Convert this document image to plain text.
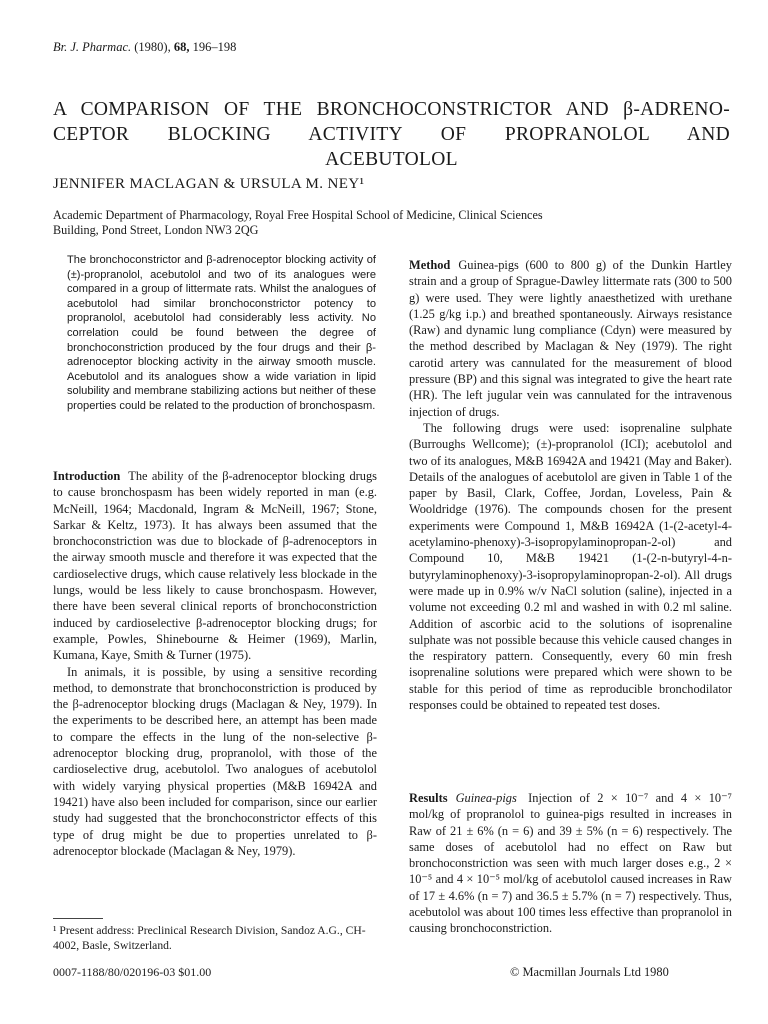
Br. J. Pharmac. (1980), 68, 196–198
A COMPARISON OF THE BRONCHOCONSTRICTOR AND β-ADRENO-
CEPTOR BLOCKING ACTIVITY OF PROPRANOLOL AND
ACEBUTOLOL
JENNIFER MACLAGAN & URSULA M. NEY¹
Academic Department of Pharmacology, Royal Free Hospital School of Medicine, Clinical Sciences
Building, Pond Street, London NW3 2QG
The bronchoconstrictor and β-adrenoceptor blocking activity of (±)-propranolol, acebutolol and two of its analogues were compared in a group of littermate rats. Whilst the analogues of acebutolol had similar bronchoconstrictor potency to propranolol, acebutolol had considerably less activity. No correlation could be found between the degree of bronchoconstriction produced by the four drugs and their β-adrenoceptor blocking activity in the airway smooth muscle. Acebutolol and its analogues show a wide variation in lipid solubility and membrane stabilizing actions but neither of these properties could be related to the production of bronchospasm.

Introduction The ability of the β-adrenoceptor blocking drugs to cause bronchospasm has been widely reported in man (e.g. McNeill, 1964; Macdonald, Ingram & McNeill, 1967; Stone, Sarkar & Keltz, 1973). It has always been assumed that the bronchoconstriction was due to blockade of β-adrenoceptors in the airway smooth muscle and therefore it was expected that the cardioselective drugs, which cause relatively less blockade in the lungs, would be less likely to cause bronchospasm. However, there have been several clinical reports of bronchoconstriction induced by cardioselective β-adrenoceptor blocking drugs; for example, Powles, Shinebourne & Heimer (1969), Marlin, Kumana, Kaye, Smith & Turner (1975).

In animals, it is possible, by using a sensitive recording method, to demonstrate that bronchoconstriction is produced by the β-adrenoceptor blocking drugs (Maclagan & Ney, 1979). In the experiments to be described here, an attempt has been made to compare the effects in the lung of the non-selective β-adrenoceptor blocking drug, propranolol, with those of the cardioselective drug, acebutolol. Two analogues of acebutolol with widely varying physical properties (M&B 16942A and 19421) have also been included for comparison, since our earlier study had suggested that the bronchoconstrictor effects of this type of drug might be due to properties unrelated to β-adrenoceptor blockade (Maclagan & Ney, 1979).

¹ Present address: Preclinical Research Division, Sandoz A.G., CH-4002, Basle, Switzerland.

Method Guinea-pigs (600 to 800 g) of the Dunkin Hartley strain and a group of Sprague-Dawley littermate rats (300 to 500 g) were used. They were lightly anaesthetized with urethane (1.25 g/kg i.p.) and breathed spontaneously. Airways resistance (Raw) and dynamic lung compliance (Cdyn) were measured by the method described by Maclagan & Ney (1979). The right carotid artery was cannulated for the measurement of blood pressure (BP) and this signal was integrated to give the heart rate (HR). The left jugular vein was cannulated for the intravenous injection of drugs.

The following drugs were used: isoprenaline sulphate (Burroughs Wellcome); (±)-propranolol (ICI); acebutolol and two of its analogues, M&B 16942A and 19421 (May and Baker). Details of the analogues of acebutolol are given in Table 1 of the paper by Basil, Clark, Coffee, Jordan, Loveless, Pain & Wooldridge (1976). The compounds chosen for the present experiments were Compound 1, M&B 16942A (1-(2-acetyl-4-acetylamino-phenoxy)-3-isopropylaminopropan-2-ol) and Compound 10, M&B 19421 (1-(2-n-butyryl-4-n-butyrylaminophenoxy)-3-isopropylaminopropan-2-ol). All drugs were made up in 0.9% w/v NaCl solution (saline), injected in a volume not exceeding 0.2 ml and washed in with 0.2 ml saline. Addition of ascorbic acid to the solutions of isoprenaline sulphate was not possible because this vehicle caused changes in the respiratory pattern. Consequently, every 60 min fresh isoprenaline solutions were prepared which were shown to be stable for this period of time as reproducible bronchodilator responses could be obtained to repeated test doses.

Results Guinea-pigs Injection of 2 × 10⁻⁷ and 4 × 10⁻⁷ mol/kg of propranolol to guinea-pigs resulted in increases in Raw of 21 ± 6% (n = 6) and 39 ± 5% (n = 6) respectively. The same doses of acebutolol had no effect on Raw but bronchoconstriction was seen with much larger doses e.g., 2 × 10⁻⁵ and 4 × 10⁻⁵ mol/kg of acebutolol caused increases in Raw of 17 ± 4.6% (n = 7) and 36.5 ± 5.7% (n = 7) respectively. Thus, acebutolol was about 100 times less effective than propranolol in causing bronchoconstriction.

0007-1188/80/020196-03 $01.00	© Macmillan Journals Ltd 1980
